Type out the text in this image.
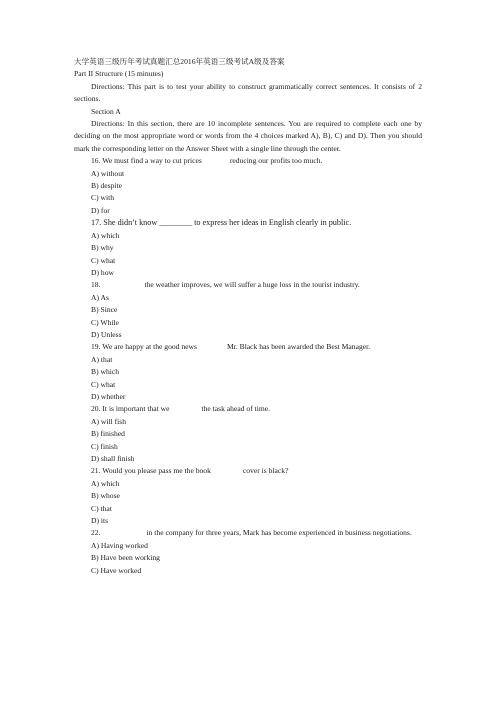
大学英语三级历年考试真题汇总2016年英语三级考试A级及答案
Part II Structure (15 minutes)
Directions: This part is to test your ability to construct grammatically correct sentences. It consists of 2 sections.
Section A
Directions: In this section, there are 10 incomplete sentences. You are required to complete each one by deciding on the most appropriate word or words from the 4 choices marked A), B), C) and D). Then you should mark the corresponding letter on the Answer Sheet with a single line through the center.
16. We must find a way to cut prices	reducing our profits too much.
A) without
B) despite
C) with
D) for
17. She didn’t know ________ to express her ideas in English clearly in public.
A) which
B) why
C) what
D) how
18.	the weather improves, we will suffer a huge loss in the tourist industry.
A) As
B) Since
C) While
D) Unless
19. We are happy at the good news	Mr. Black has been awarded the Best Manager.
A) that
B) which
C) what
D) whether
20. It is important that we	the task ahead of time.
A) will fish
B) finished
C) finish
D) shall finish
21. Would you please pass me the book	cover is black?
A) which
B) whose
C) that
D) its
22.	in the company for three years, Mark has become experienced in business negotiations.
A) Having worked
B) Have been working
C) Have worked
